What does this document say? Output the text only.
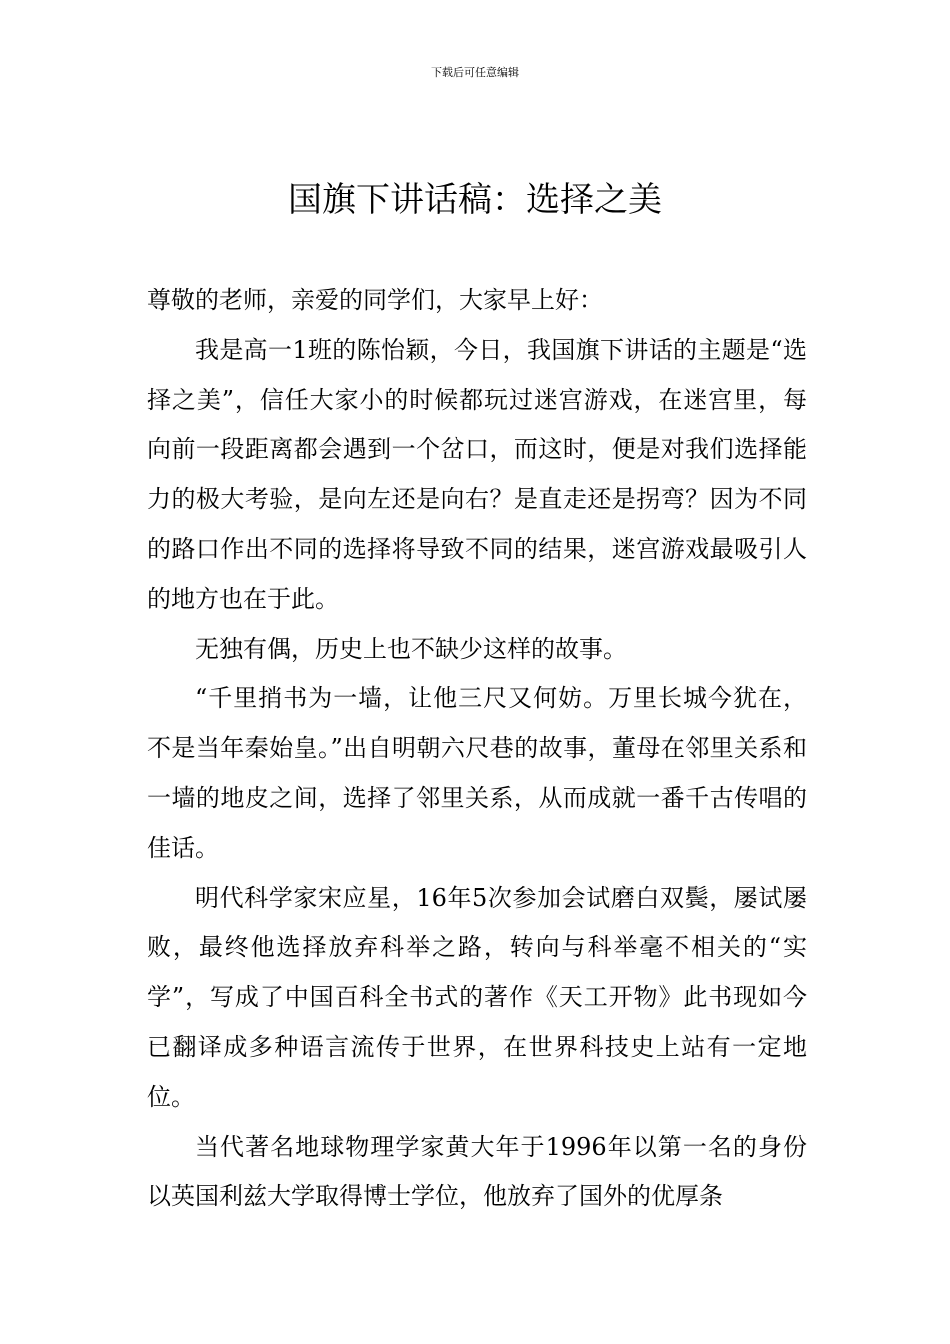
下载后可任意编辑
国旗下讲话稿：选择之美

尊敬的老师，亲爱的同学们，大家早上好：

我是高一1班的陈怡颖，今日，我国旗下讲话的主题是“选择之美”，信任大家小的时候都玩过迷宫游戏，在迷宫里，每向前一段距离都会遇到一个岔口，而这时，便是对我们选择能力的极大考验，是向左还是向右？是直走还是拐弯？因为不同的路口作出不同的选择将导致不同的结果，迷宫游戏最吸引人的地方也在于此。

无独有偶，历史上也不缺少这样的故事。

“千里捎书为一墙，让他三尺又何妨。万里长城今犹在，不是当年秦始皇。”出自明朝六尺巷的故事，董母在邻里关系和一墙的地皮之间，选择了邻里关系，从而成就一番千古传唱的佳话。

明代科学家宋应星，16年5次参加会试磨白双鬓，屡试屡败，最终他选择放弃科举之路，转向与科举毫不相关的“实学”，写成了中国百科全书式的著作《天工开物》此书现如今已翻译成多种语言流传于世界，在世界科技史上站有一定地位。

当代著名地球物理学家黄大年于1996年以第一名的身份以英国利兹大学取得博士学位，他放弃了国外的优厚条
